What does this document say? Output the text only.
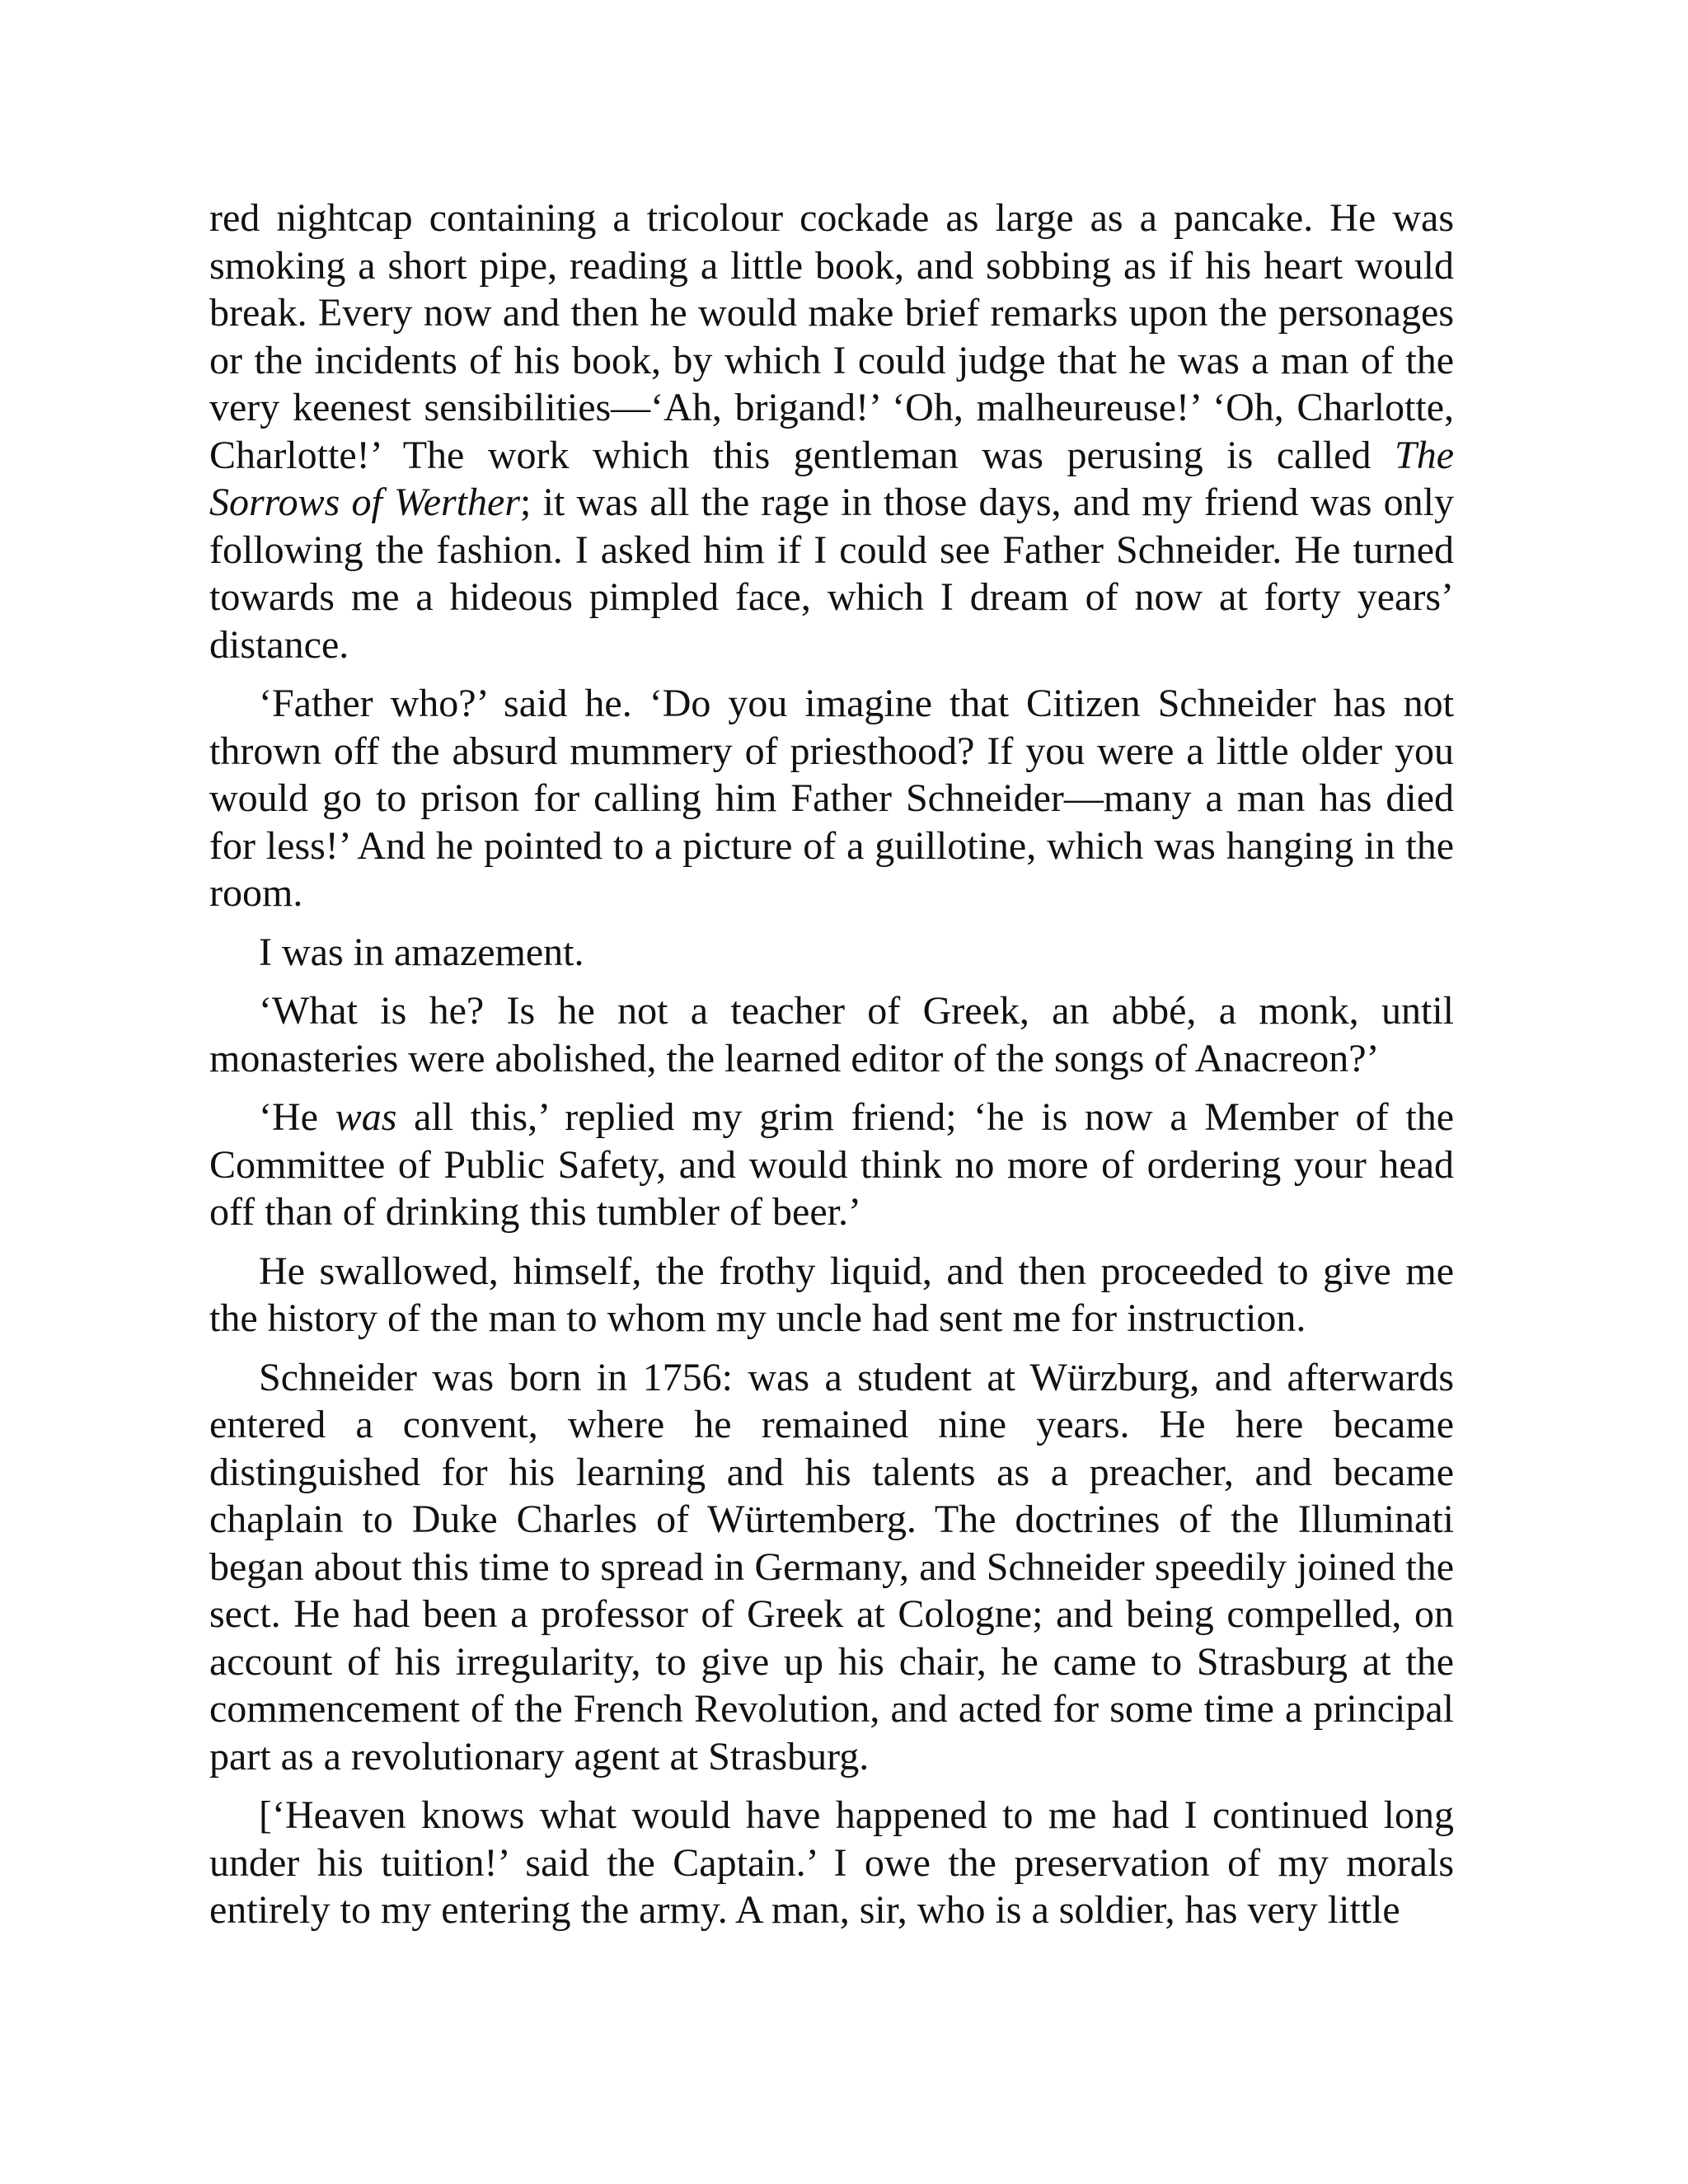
red nightcap containing a tricolour cockade as large as a pancake. He was smoking a short pipe, reading a little book, and sobbing as if his heart would break. Every now and then he would make brief remarks upon the personages or the incidents of his book, by which I could judge that he was a man of the very keenest sensibilities—‘Ah, brigand!’ ‘Oh, malheureuse!’ ‘Oh, Charlotte, Charlotte!’ The work which this gentleman was perusing is called The Sorrows of Werther; it was all the rage in those days, and my friend was only following the fashion. I asked him if I could see Father Schneider. He turned towards me a hideous pimpled face, which I dream of now at forty years’ distance.

‘Father who?’ said he. ‘Do you imagine that Citizen Schneider has not thrown off the absurd mummery of priesthood? If you were a little older you would go to prison for calling him Father Schneider—many a man has died for less!’ And he pointed to a picture of a guillotine, which was hanging in the room.

I was in amazement.

‘What is he? Is he not a teacher of Greek, an abbé, a monk, until monasteries were abolished, the learned editor of the songs of Anacreon?’

‘He was all this,’ replied my grim friend; ‘he is now a Member of the Committee of Public Safety, and would think no more of ordering your head off than of drinking this tumbler of beer.’

He swallowed, himself, the frothy liquid, and then proceeded to give me the history of the man to whom my uncle had sent me for instruction.

Schneider was born in 1756: was a student at Würzburg, and afterwards entered a convent, where he remained nine years. He here became distinguished for his learning and his talents as a preacher, and became chaplain to Duke Charles of Würtemberg. The doctrines of the Illuminati began about this time to spread in Germany, and Schneider speedily joined the sect. He had been a professor of Greek at Cologne; and being compelled, on account of his irregularity, to give up his chair, he came to Strasburg at the commencement of the French Revolution, and acted for some time a principal part as a revolutionary agent at Strasburg.

[‘Heaven knows what would have happened to me had I continued long under his tuition!’ said the Captain.’ I owe the preservation of my morals entirely to my entering the army. A man, sir, who is a soldier, has very little
